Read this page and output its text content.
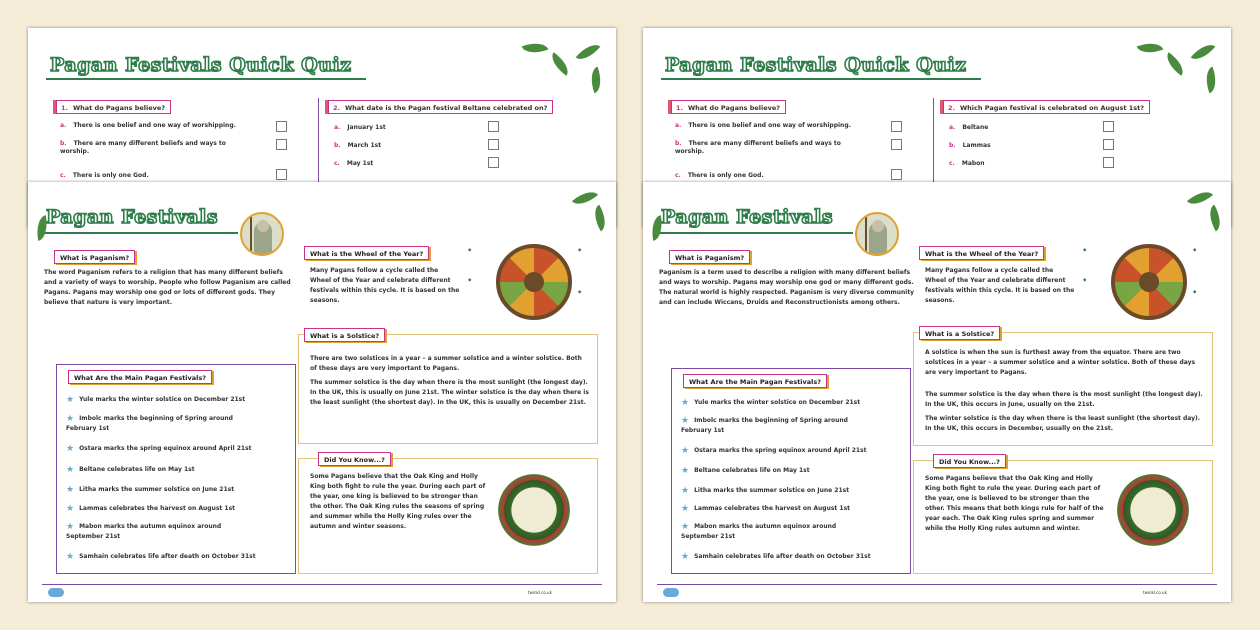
Pagan Festivals Quick Quiz
1. What do Pagans believe?
a. There is one belief and one way of worshipping.
b. There are many different beliefs and ways to worship.
c. There is only one God.
2. What date is the Pagan festival Beltane celebrated on?
a. January 1st
b. March 1st
c. May 1st
Pagan Festivals
What is Paganism?
The word Paganism refers to a religion that has many different beliefs and a variety of ways to worship. People who follow Paganism are called Pagans. Pagans may worship one god or lots of different gods. They believe that nature is very important.
What Are the Main Pagan Festivals?
★ Yule marks the winter solstice on December 21st
★ Imbolc marks the beginning of Spring around February 1st
★ Ostara marks the spring equinox around April 21st
★ Beltane celebrates life on May 1st
★ Litha marks the summer solstice on June 21st
★ Lammas celebrates the harvest on August 1st
★ Mabon marks the autumn equinox around September 21st
★ Samhain celebrates life after death on October 31st
What is the Wheel of the Year?
Many Pagans follow a cycle called the Wheel of the Year and celebrate different festivals within this cycle. It is based on the seasons.
◆
◆
◆
◆
What is a Solstice?
There are two solstices in a year – a summer solstice and a winter solstice. Both of these days are very important to Pagans.
The summer solstice is the day when there is the most sunlight (the longest day). In the UK, this is usually on June 21st. The winter solstice is the day when there is the least sunlight (the shortest day). In the UK, this is usually on December 21st.
Did You Know...?
Some Pagans believe that the Oak King and Holly King both fight to rule the year. During each part of the year, one king is believed to be stronger than the other. The Oak King rules the seasons of spring and summer while the Holly King rules over the autumn and winter seasons.
twinkl.co.uk
Pagan Festivals Quick Quiz
1. What do Pagans believe?
a. There is one belief and one way of worshipping.
b. There are many different beliefs and ways to worship.
c. There is only one God.
2. Which Pagan festival is celebrated on August 1st?
a. Beltane
b. Lammas
c. Mabon
Pagan Festivals
What is Paganism?
Paganism is a term used to describe a religion with many different beliefs and ways to worship. Pagans may worship one god or many different gods. The natural world is highly respected. Paganism is very diverse community and can include Wiccans, Druids and Reconstructionists among others.
What Are the Main Pagan Festivals?
★ Yule marks the winter solstice on December 21st
★ Imbolc marks the beginning of Spring around February 1st
★ Ostara marks the spring equinox around April 21st
★ Beltane celebrates life on May 1st
★ Litha marks the summer solstice on June 21st
★ Lammas celebrates the harvest on August 1st
★ Mabon marks the autumn equinox around September 21st
★ Samhain celebrates life after death on October 31st
What is the Wheel of the Year?
Many Pagans follow a cycle called the Wheel of the Year and celebrate different festivals within this cycle. It is based on the seasons.
◆
◆
◆
◆
What is a Solstice?
A solstice is when the sun is furthest away from the equator. There are two solstices in a year – a summer solstice and a winter solstice. Both of these days are very important to Pagans.
The summer solstice is the day when there is the most sunlight (the longest day). In the UK, this occurs in June, usually on the 21st.
The winter solstice is the day when there is the least sunlight (the shortest day). In the UK, this occurs in December, usually on the 21st.
Did You Know...?
Some Pagans believe that the Oak King and Holly King both fight to rule the year. During each part of the year, one is believed to be stronger than the other. This means that both kings rule for half of the year each. The Oak King rules spring and summer while the Holly King rules autumn and winter.
twinkl.co.uk
